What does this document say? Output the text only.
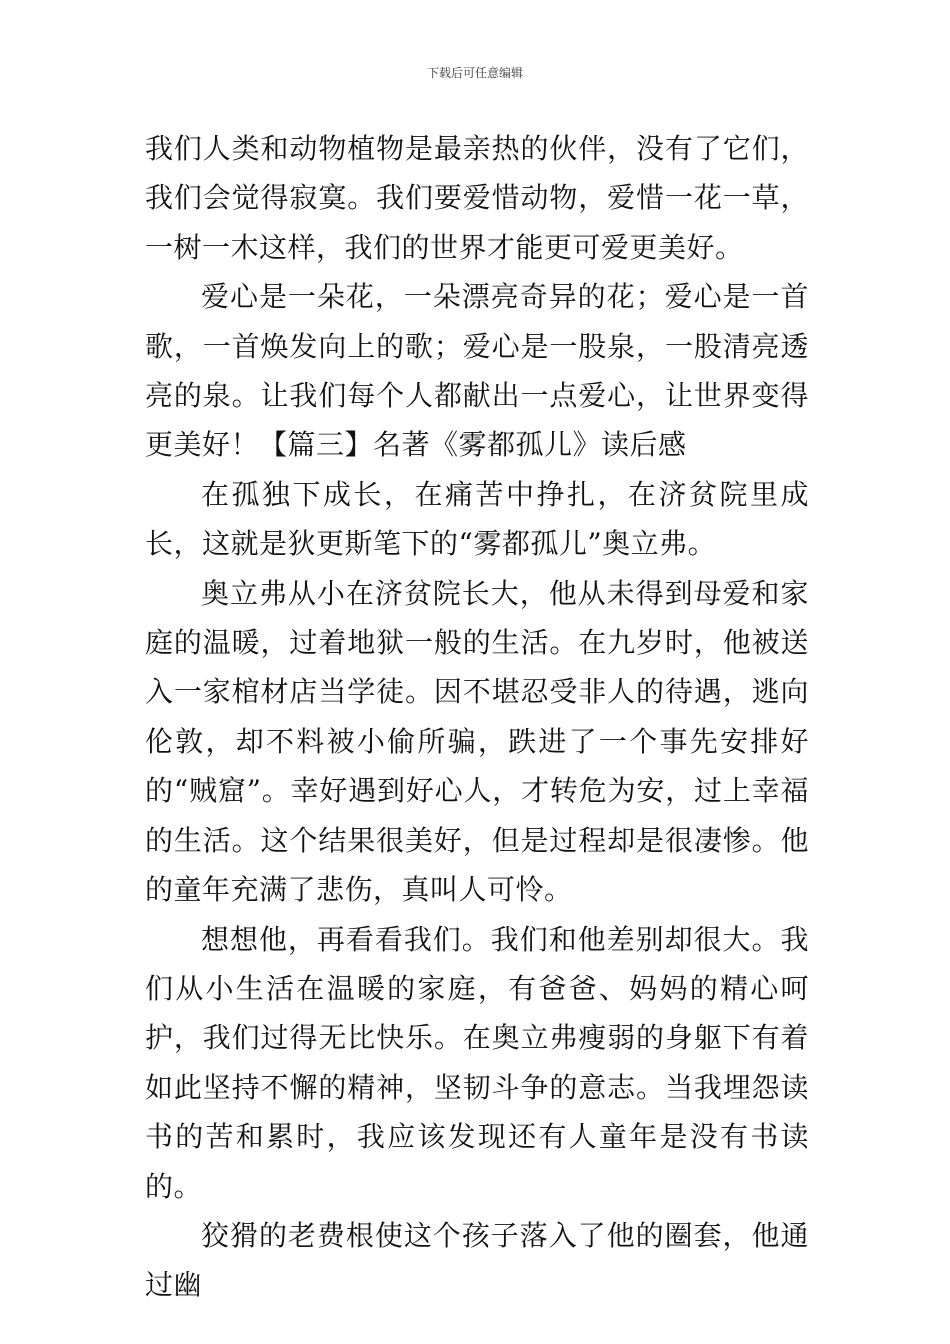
下载后可任意编辑

我们人类和动物植物是最亲热的伙伴，没有了它们，我们会觉得寂寞。我们要爱惜动物，爱惜一花一草，一树一木这样，我们的世界才能更可爱更美好。

爱心是一朵花，一朵漂亮奇异的花；爱心是一首歌，一首焕发向上的歌；爱心是一股泉，一股清亮透亮的泉。让我们每个人都献出一点爱心，让世界变得更美好！【篇三】名著《雾都孤儿》读后感

在孤独下成长，在痛苦中挣扎，在济贫院里成长，这就是狄更斯笔下的“雾都孤儿”奥立弗。

奥立弗从小在济贫院长大，他从未得到母爱和家庭的温暖，过着地狱一般的生活。在九岁时，他被送入一家棺材店当学徒。因不堪忍受非人的待遇，逃向伦敦，却不料被小偷所骗，跌进了一个事先安排好的“贼窟”。幸好遇到好心人，才转危为安，过上幸福的生活。这个结果很美好，但是过程却是很凄惨。他的童年充满了悲伤，真叫人可怜。

想想他，再看看我们。我们和他差别却很大。我们从小生活在温暖的家庭，有爸爸、妈妈的精心呵护，我们过得无比快乐。在奥立弗瘦弱的身躯下有着如此坚持不懈的精神，坚韧斗争的意志。当我埋怨读书的苦和累时，我应该发现还有人童年是没有书读的。

狡猾的老费根使这个孩子落入了他的圈套，他通过幽
